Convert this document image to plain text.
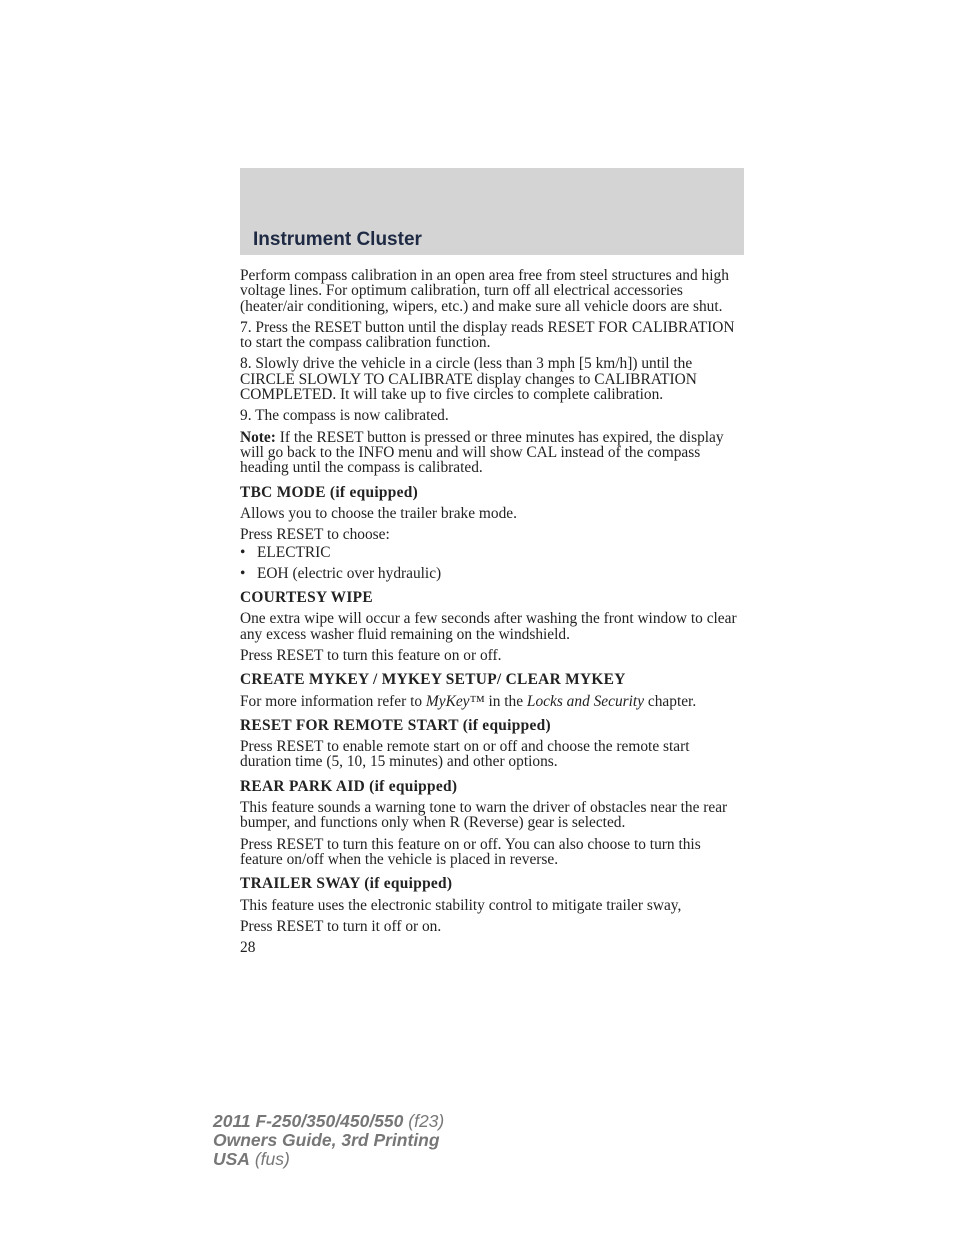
Instrument Cluster

Perform compass calibration in an open area free from steel structures and high voltage lines. For optimum calibration, turn off all electrical accessories (heater/air conditioning, wipers, etc.) and make sure all vehicle doors are shut.

7. Press the RESET button until the display reads RESET FOR CALIBRATION to start the compass calibration function.

8. Slowly drive the vehicle in a circle (less than 3 mph [5 km/h]) until the CIRCLE SLOWLY TO CALIBRATE display changes to CALIBRATION COMPLETED. It will take up to five circles to complete calibration.

9. The compass is now calibrated.

Note: If the RESET button is pressed or three minutes has expired, the display will go back to the INFO menu and will show CAL instead of the compass heading until the compass is calibrated.

TBC MODE (if equipped)

Allows you to choose the trailer brake mode.

Press RESET to choose:

• ELECTRIC
• EOH (electric over hydraulic)
COURTESY WIPE

One extra wipe will occur a few seconds after washing the front window to clear any excess washer fluid remaining on the windshield.

Press RESET to turn this feature on or off.

CREATE MYKEY / MYKEY SETUP/ CLEAR MYKEY

For more information refer to MyKey™ in the Locks and Security chapter.

RESET FOR REMOTE START (if equipped)

Press RESET to enable remote start on or off and choose the remote start duration time (5, 10, 15 minutes) and other options.

REAR PARK AID (if equipped)

This feature sounds a warning tone to warn the driver of obstacles near the rear bumper, and functions only when R (Reverse) gear is selected.

Press RESET to turn this feature on or off. You can also choose to turn this feature on/off when the vehicle is placed in reverse.

TRAILER SWAY (if equipped)

This feature uses the electronic stability control to mitigate trailer sway,

Press RESET to turn it off or on.

28
2011 F-250/350/450/550 (f23)
Owners Guide, 3rd Printing
USA (fus)
